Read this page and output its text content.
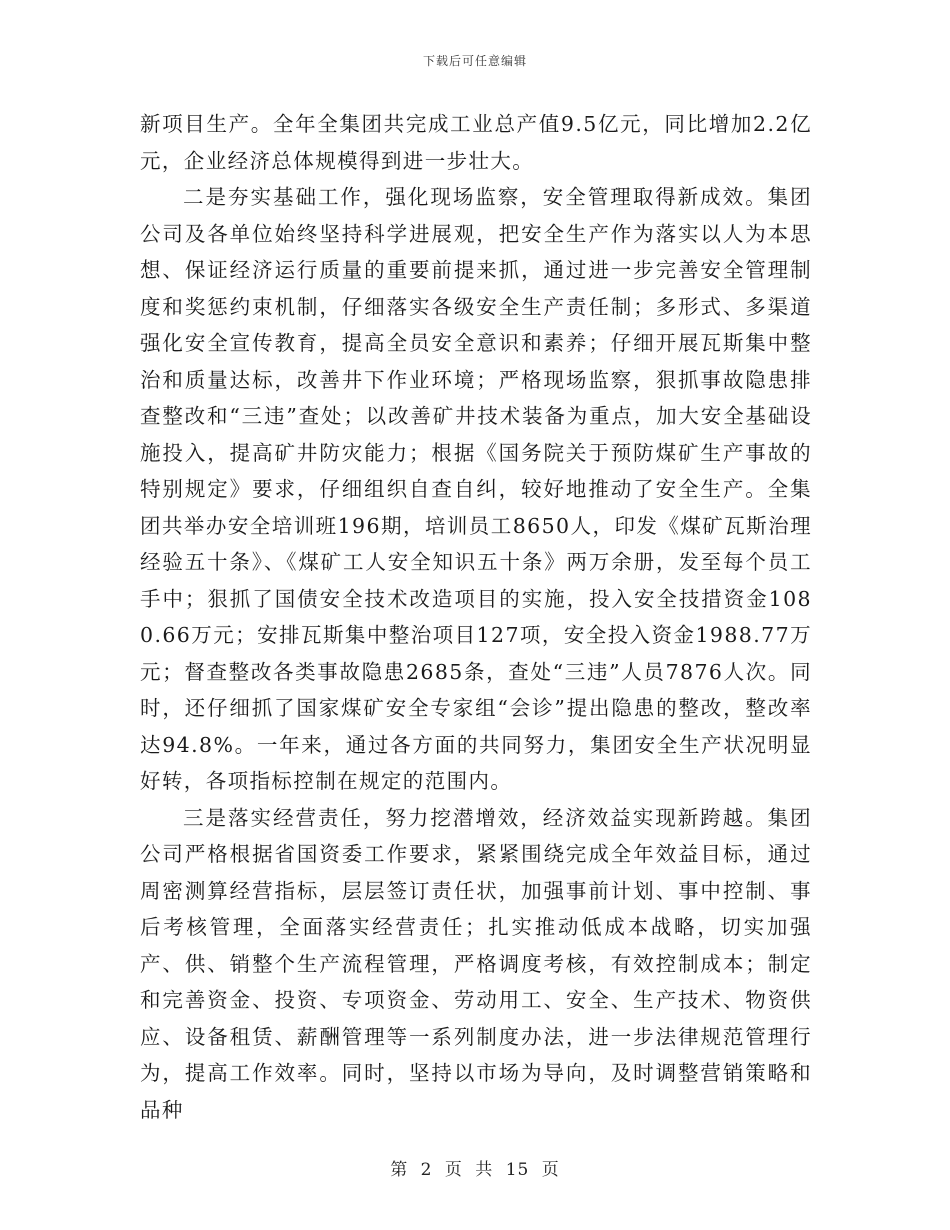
下载后可任意编辑

新项目生产。全年全集团共完成工业总产值9.5亿元，同比增加2.2亿元，企业经济总体规模得到进一步壮大。

二是夯实基础工作，强化现场监察，安全管理取得新成效。集团公司及各单位始终坚持科学进展观，把安全生产作为落实以人为本思想、保证经济运行质量的重要前提来抓，通过进一步完善安全管理制度和奖惩约束机制，仔细落实各级安全生产责任制；多形式、多渠道强化安全宣传教育，提高全员安全意识和素养；仔细开展瓦斯集中整治和质量达标，改善井下作业环境；严格现场监察，狠抓事故隐患排查整改和“三违”查处；以改善矿井技术装备为重点，加大安全基础设施投入，提高矿井防灾能力；根据《国务院关于预防煤矿生产事故的特别规定》要求，仔细组织自查自纠，较好地推动了安全生产。全集团共举办安全培训班196期，培训员工8650人，印发《煤矿瓦斯治理经验五十条》、《煤矿工人安全知识五十条》两万余册，发至每个员工手中；狠抓了国债安全技术改造项目的实施，投入安全技措资金1080.66万元；安排瓦斯集中整治项目127项，安全投入资金1988.77万元；督查整改各类事故隐患2685条，查处“三违”人员7876人次。同时，还仔细抓了国家煤矿安全专家组“会诊”提出隐患的整改，整改率达94.8%。一年来，通过各方面的共同努力，集团安全生产状况明显好转，各项指标控制在规定的范围内。

三是落实经营责任，努力挖潜增效，经济效益实现新跨越。集团公司严格根据省国资委工作要求，紧紧围绕完成全年效益目标，通过周密测算经营指标，层层签订责任状，加强事前计划、事中控制、事后考核管理，全面落实经营责任；扎实推动低成本战略，切实加强产、供、销整个生产流程管理，严格调度考核，有效控制成本；制定和完善资金、投资、专项资金、劳动用工、安全、生产技术、物资供应、设备租赁、薪酬管理等一系列制度办法，进一步法律规范管理行为，提高工作效率。同时，坚持以市场为导向，及时调整营销策略和品种

第 2 页 共 15 页
